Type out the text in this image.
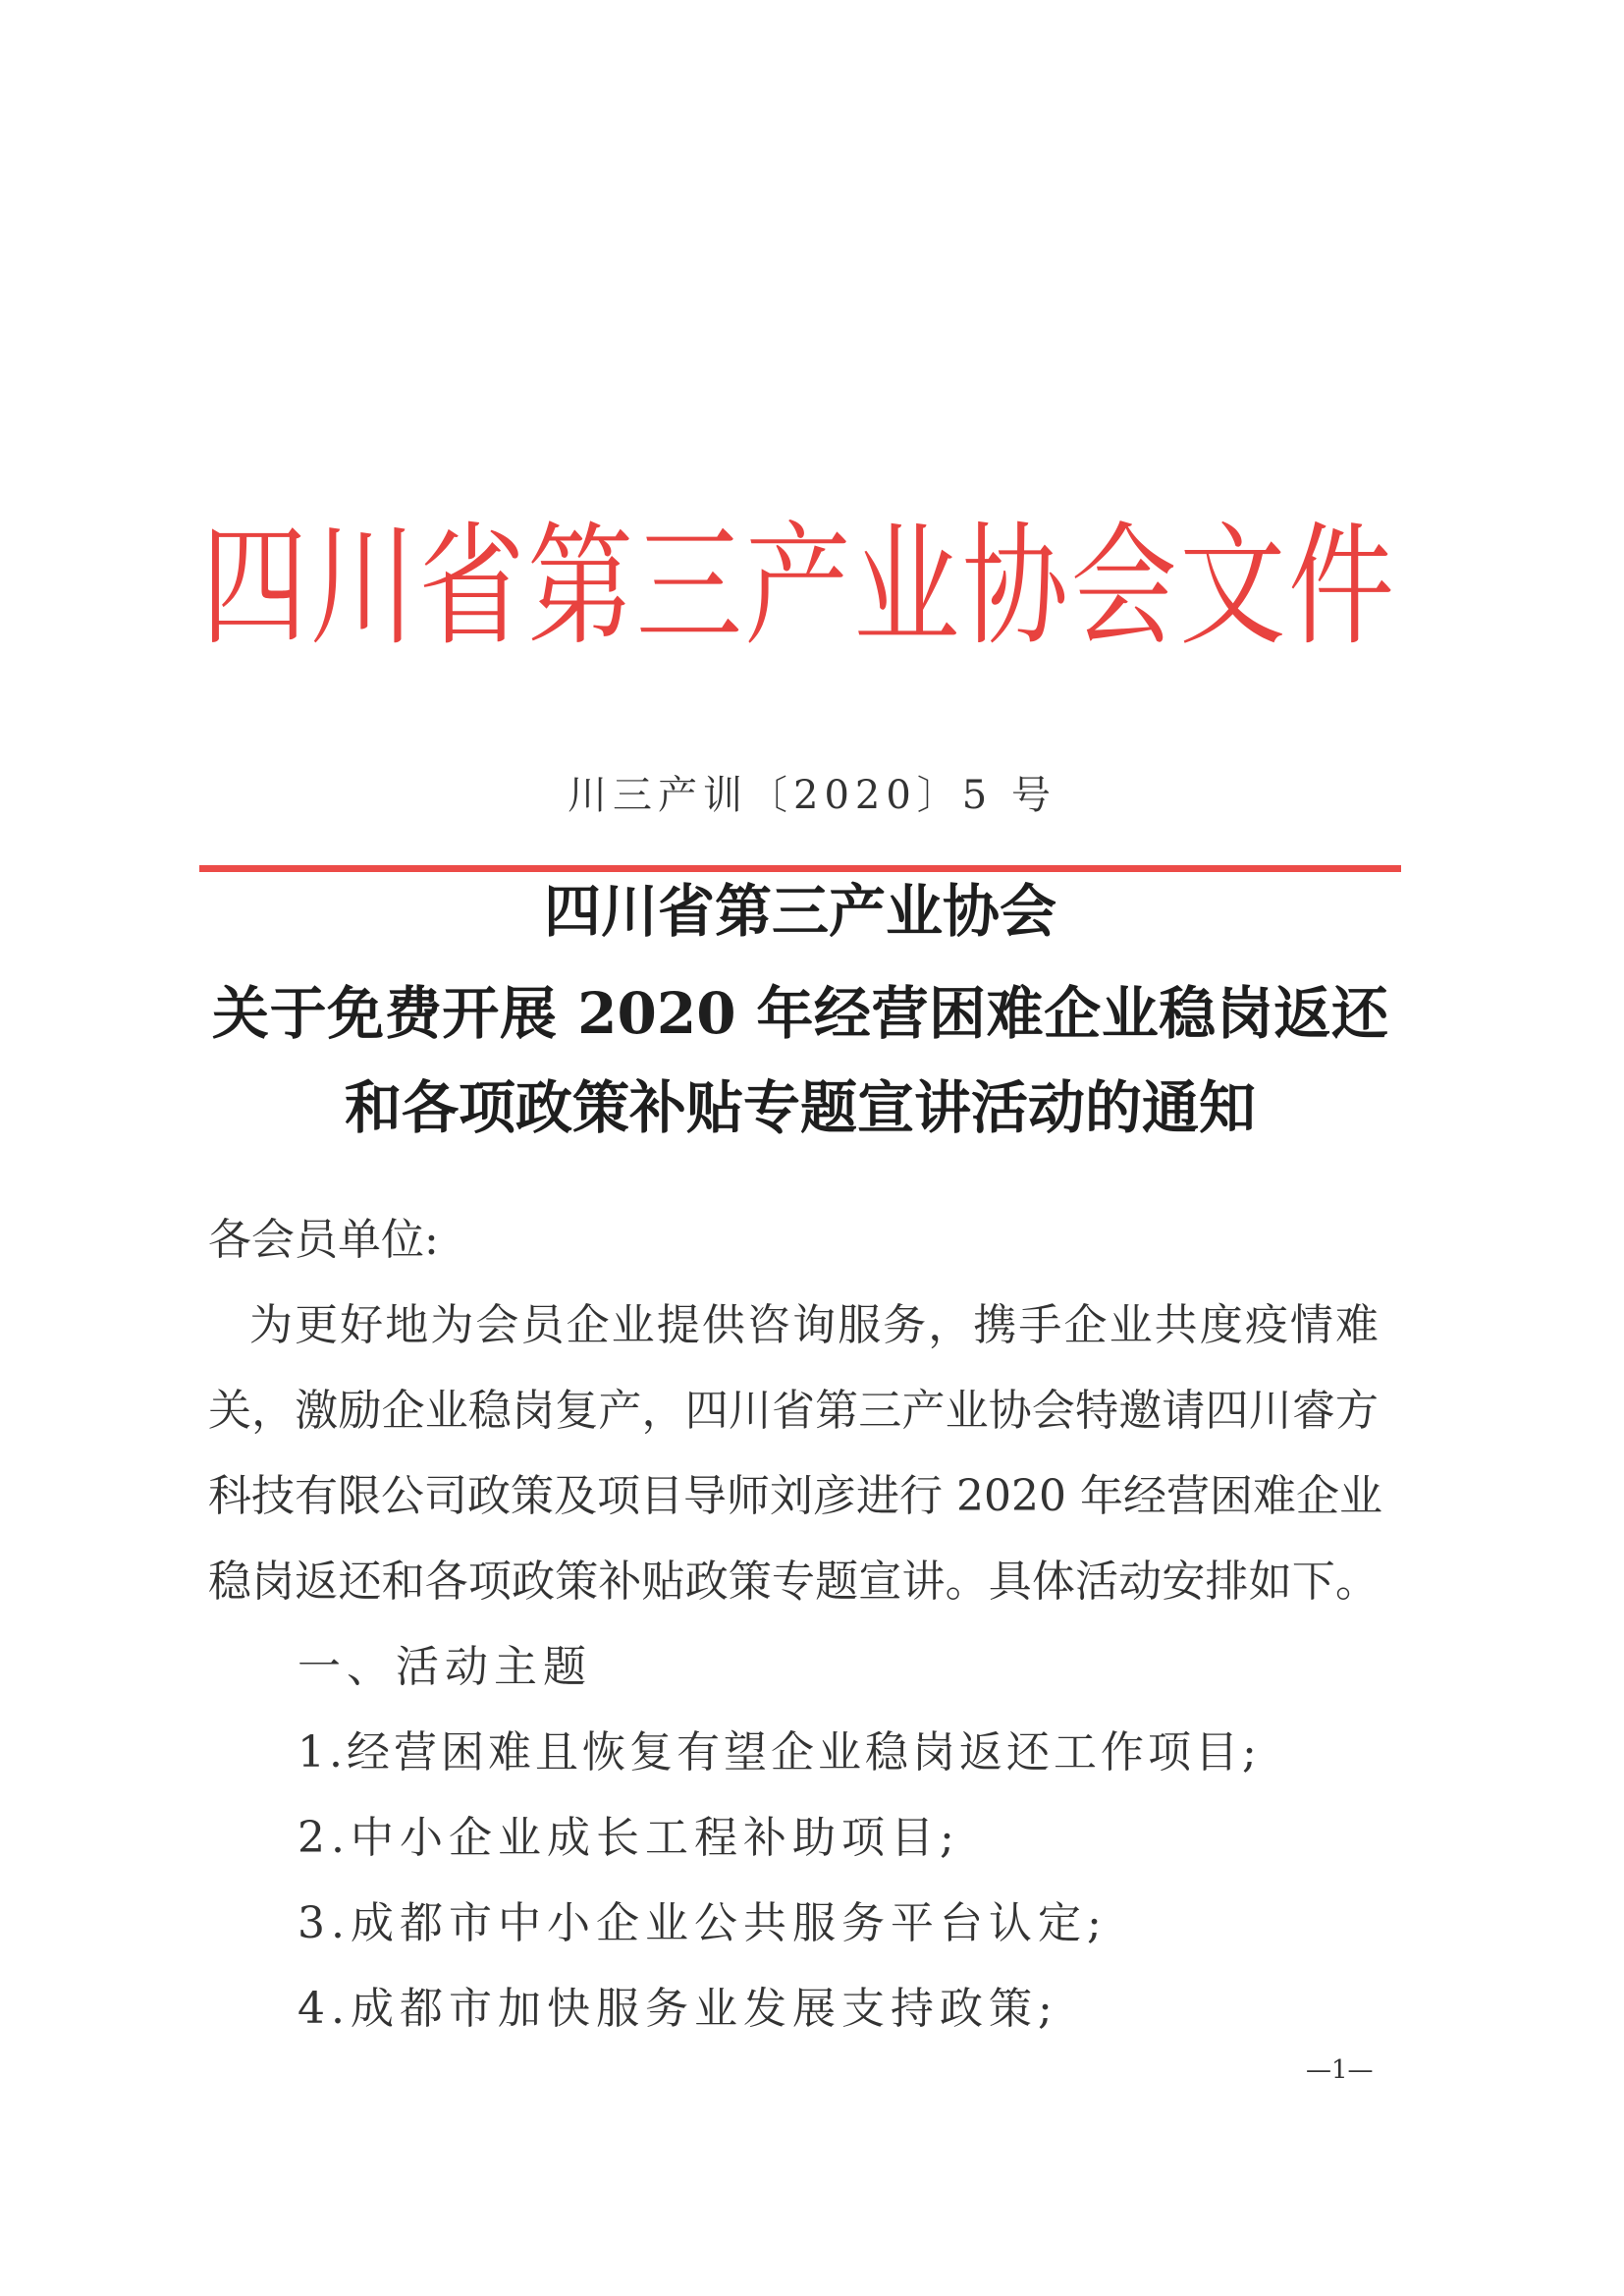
四川省第三产业协会文件
川三产训〔2020〕5 号
四川省第三产业协会
关于免费开展 2020 年经营困难企业稳岗返还
和各项政策补贴专题宣讲活动的通知
各会员单位:
为更好地为会员企业提供咨询服务，携手企业共度疫情难
关，激励企业稳岗复产，四川省第三产业协会特邀请四川睿方
科技有限公司政策及项目导师刘彦进行 2020 年经营困难企业
稳岗返还和各项政策补贴政策专题宣讲。具体活动安排如下。
一、活动主题
1.经营困难且恢复有望企业稳岗返还工作项目;
2.中小企业成长工程补助项目;
3.成都市中小企业公共服务平台认定;
4.成都市加快服务业发展支持政策;
—1—
